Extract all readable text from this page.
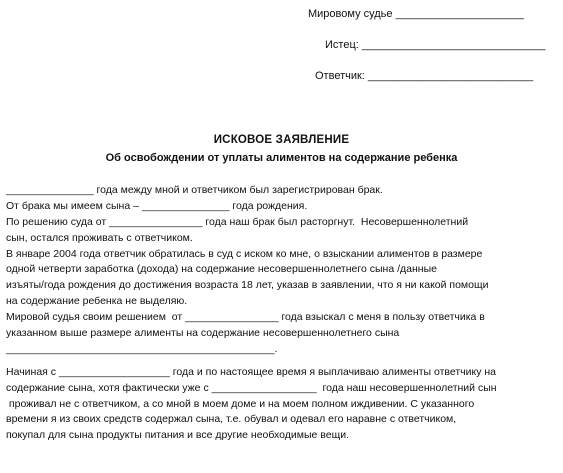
Мировому судье _____________________
Истец: ______________________________
Ответчик: ___________________________
ИСКОВОЕ ЗАЯВЛЕНИЕ
Об освобождении от уплаты алиментов на содержание ребенка
_______________ года между мной и ответчиком был зарегистрирован брак.
От брака мы имеем сына – _______________ года рождения.
По решению суда от ________________ года наш брак был расторгнут.  Несовершеннолетний
сын, остался проживать с ответчиком.
В январе 2004 года ответчик обратилась в суд с иском ко мне, о взыскании алиментов в размере
одной четверти заработка (дохода) на содержание несовершеннолетнего сына /данные
изъяты/года рождения до достижения возраста 18 лет, указав в заявлении, что я ни какой помощи
на содержание ребенка не выделяю.
Мировой судья своим решением  от ________________ года взыскал с меня в пользу ответчика в
указанном выше размере алименты на содержание несовершеннолетнего сына
______________________________________________.
Начиная с ___________________ года и по настоящее время я выплачиваю алименты ответчику на
содержание сына, хотя фактически уже с __________________  года наш несовершеннолетний сын
проживал не с ответчиком, а со мной в моем доме и на моем полном иждивении. С указанного
времени я из своих средств содержал сына, т.е. обувал и одевал его наравне с ответчиком,
покупал для сына продукты питания и все другие необходимые вещи.
